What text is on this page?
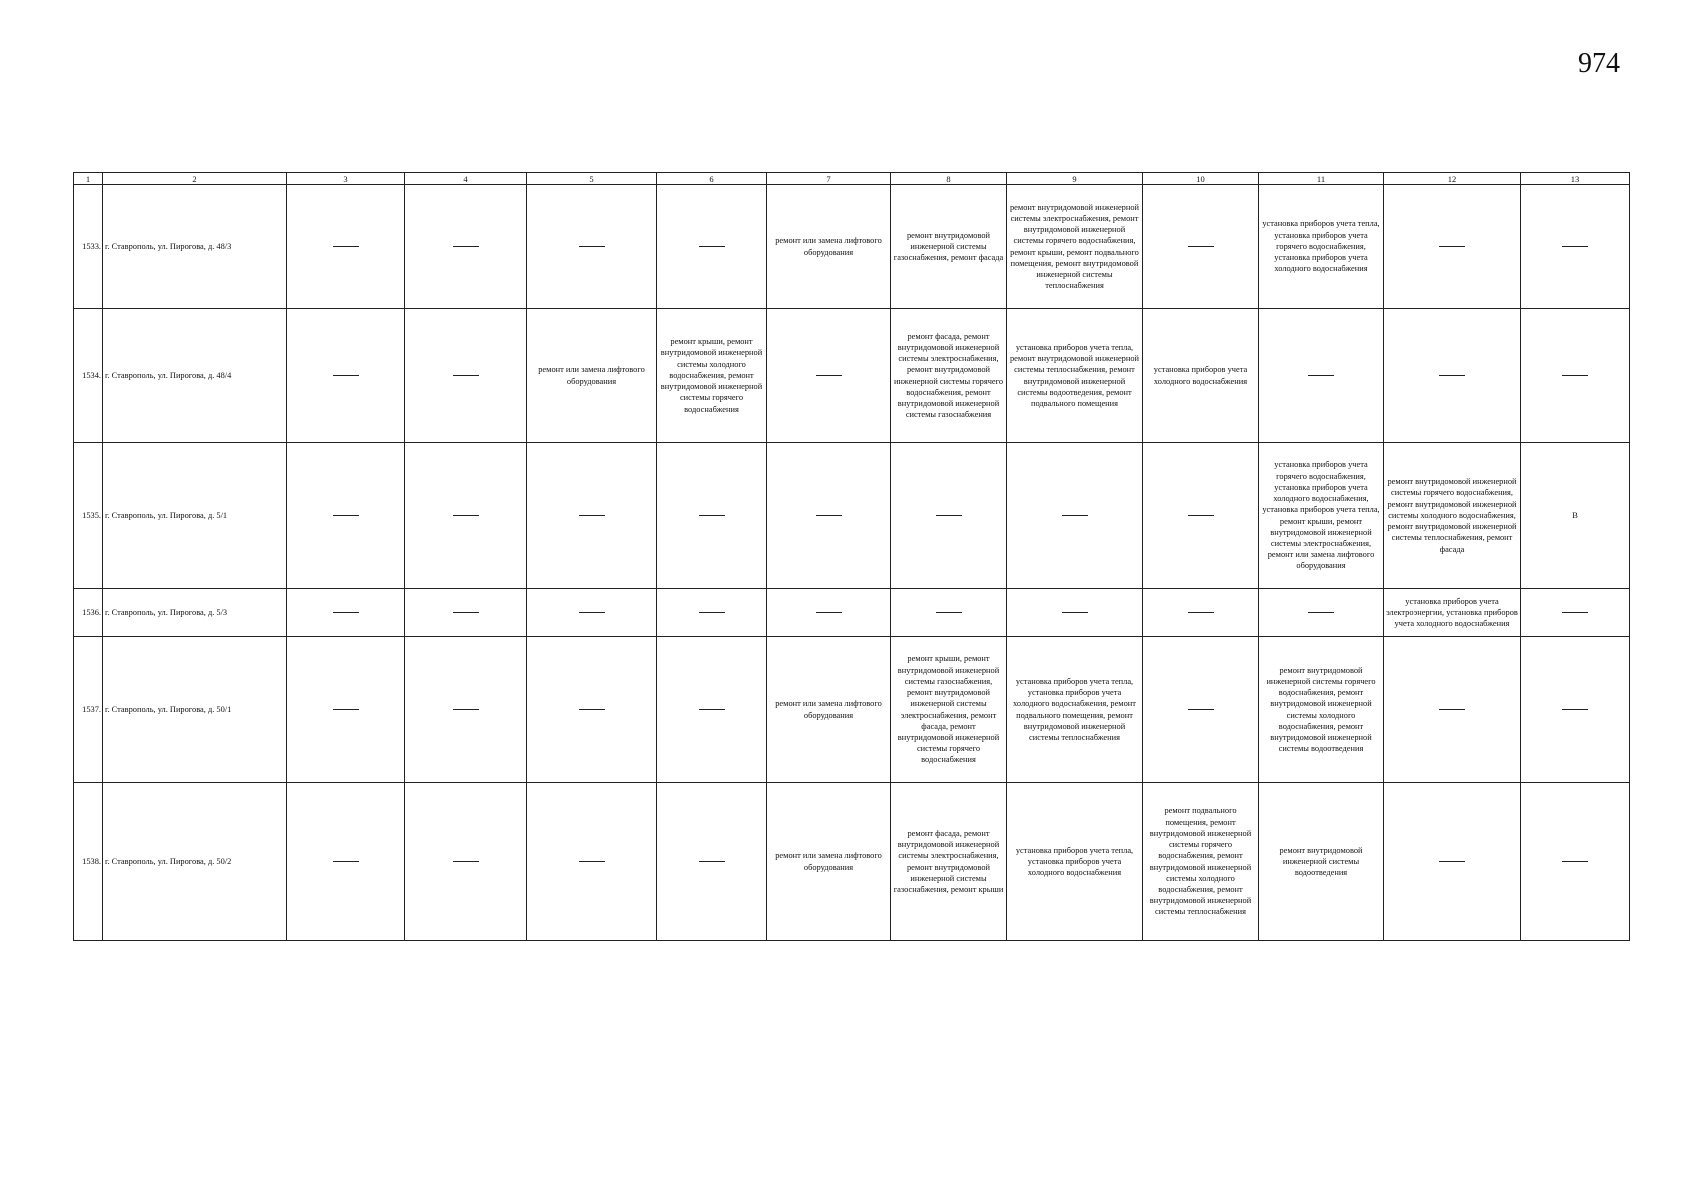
974
1	2	3	4	5	6	7	8	9	10	11	12	13
1533.	г. Ставрополь, ул. Пирогова, д. 48/3					ремонт или замена лифтового оборудования	ремонт внутридомовой инженерной системы газоснабжения, ремонт фасада	ремонт внутридомовой инженерной системы электроснабжения, ремонт внутридомовой инженерной системы горячего водоснабжения, ремонт крыши, ремонт подвального помещения, ремонт внутридомовой инженерной системы теплоснабжения		установка приборов учета тепла, установка приборов учета горячего водоснабжения, установка приборов учета холодного водоснабжения		
1534.	г. Ставрополь, ул. Пирогова, д. 48/4			ремонт или замена лифтового оборудования	ремонт крыши, ремонт внутридомовой инженерной системы холодного водоснабжения, ремонт внутридомовой инженерной системы горячего водоснабжения		ремонт фасада, ремонт внутридомовой инженерной системы электроснабжения, ремонт внутридомовой инженерной системы горячего водоснабжения, ремонт внутридомовой инженерной системы газоснабжения	установка приборов учета тепла, ремонт внутридомовой инженерной системы теплоснабжения, ремонт внутридомовой инженерной системы водоотведения, ремонт подвального помещения	установка приборов учета холодного водоснабжения			
1535.	г. Ставрополь, ул. Пирогова, д. 5/1									установка приборов учета горячего водоснабжения, установка приборов учета холодного водоснабжения, установка приборов учета тепла, ремонт крыши, ремонт внутридомовой инженерной системы электроснабжения, ремонт или замена лифтового оборудования	ремонт внутридомовой инженерной системы горячего водоснабжения, ремонт внутридомовой инженерной системы холодного водоснабжения, ремонт внутридомовой инженерной системы теплоснабжения, ремонт фасада	В
1536.	г. Ставрополь, ул. Пирогова, д. 5/3										установка приборов учета электроэнергии, установка приборов учета холодного водоснабжения	
1537.	г. Ставрополь, ул. Пирогова, д. 50/1					ремонт или замена лифтового оборудования	ремонт крыши, ремонт внутридомовой инженерной системы газоснабжения, ремонт внутридомовой инженерной системы электроснабжения, ремонт фасада, ремонт внутридомовой инженерной системы горячего водоснабжения	установка приборов учета тепла, установка приборов учета холодного водоснабжения, ремонт подвального помещения, ремонт внутридомовой инженерной системы теплоснабжения		ремонт внутридомовой инженерной системы горячего водоснабжения, ремонт внутридомовой инженерной системы холодного водоснабжения, ремонт внутридомовой инженерной системы водоотведения		
1538.	г. Ставрополь, ул. Пирогова, д. 50/2					ремонт или замена лифтового оборудования	ремонт фасада, ремонт внутридомовой инженерной системы электроснабжения, ремонт внутридомовой инженерной системы газоснабжения, ремонт крыши	установка приборов учета тепла, установка приборов учета холодного водоснабжения	ремонт подвального помещения, ремонт внутридомовой инженерной системы горячего водоснабжения, ремонт внутридомовой инженерной системы холодного водоснабжения, ремонт внутридомовой инженерной системы теплоснабжения	ремонт внутридомовой инженерной системы водоотведения		
